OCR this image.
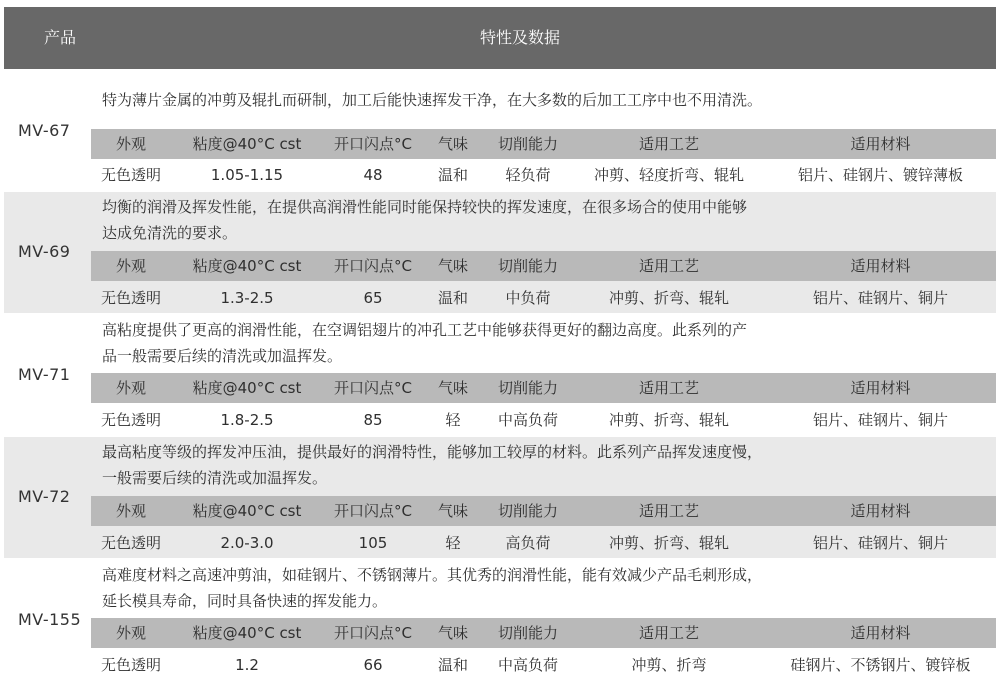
产品	特性及数据
MV-67
特为薄片金属的冲剪及辊扎而研制，加工后能快速挥发干净，在大多数的后加工工序中也不用清洗。
外观	粘度@40°C cst	开口闪点°C	气味	切削能力	适用工艺	适用材料
无色透明	1.05-1.15	48	温和	轻负荷	冲剪、轻度折弯、辊轧	铝片、硅钢片、镀锌薄板
MV-69
均衡的润滑及挥发性能，在提供高润滑性能同时能保持较快的挥发速度，在很多场合的使用中能够
达成免清洗的要求。
外观	粘度@40°C cst	开口闪点°C	气味	切削能力	适用工艺	适用材料
无色透明	1.3-2.5	65	温和	中负荷	冲剪、折弯、辊轧	铝片、硅钢片、铜片
MV-71
高粘度提供了更高的润滑性能，在空调铝翅片的冲孔工艺中能够获得更好的翻边高度。此系列的产
品一般需要后续的清洗或加温挥发。
外观	粘度@40°C cst	开口闪点°C	气味	切削能力	适用工艺	适用材料
无色透明	1.8-2.5	85	轻	中高负荷	冲剪、折弯、辊轧	铝片、硅钢片、铜片
MV-72
最高粘度等级的挥发冲压油，提供最好的润滑特性，能够加工较厚的材料。此系列产品挥发速度慢，
一般需要后续的清洗或加温挥发。
外观	粘度@40°C cst	开口闪点°C	气味	切削能力	适用工艺	适用材料
无色透明	2.0-3.0	105	轻	高负荷	冲剪、折弯、辊轧	铝片、硅钢片、铜片
MV-155
高难度材料之高速冲剪油，如硅钢片、不锈钢薄片。其优秀的润滑性能，能有效减少产品毛刺形成，
延长模具寿命，同时具备快速的挥发能力。
外观	粘度@40°C cst	开口闪点°C	气味	切削能力	适用工艺	适用材料
无色透明	1.2	66	温和	中高负荷	冲剪、折弯	硅钢片、不锈钢片、镀锌板
